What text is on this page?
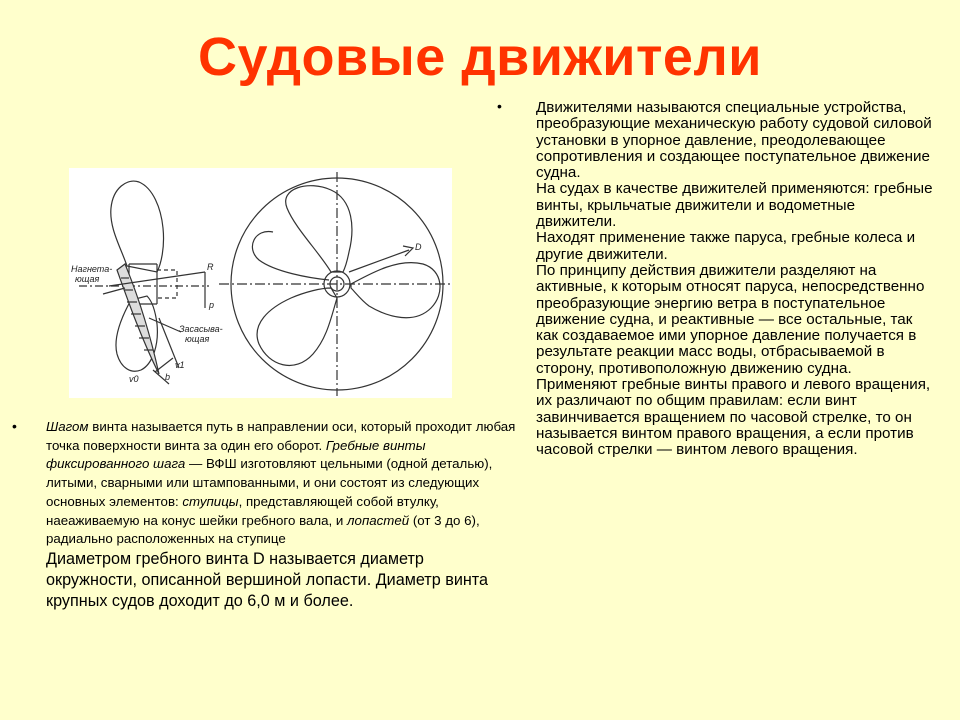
Судовые движители
Нагнета-
ющая
Засасыва-
ющая
R
p
D
v0	b
v1
• Движителями называются специальные устройства, преобразующие механическую работу судовой силовой установки в упорное давление, преодолевающее сопротивления и создающее поступательное движение судна.

На судах в качестве движителей применяются: гребные винты, крыльчатые движители и водометные движители.

Находят применение также паруса, гребные колеса и другие движители.

По принципу действия движители разделяют на активные, к которым относят паруса, непосредственно преобразующие энергию ветра в поступательное движение судна, и реактивные — все остальные, так как создаваемое ими упорное давление получается в результате реакции масс воды, отбрасываемой в сторону, противоположную движению судна.

Применяют гребные винты правого и левого вращения, их различают по общим правилам: если винт завинчивается вращением по часовой стрелке, то он называется винтом правого вращения, а если против часовой стрелки — винтом левого вращения.

• Шагом винта называется путь в направлении оси, который проходит любая точка поверхности винта за один его оборот. Гребные винты фиксированного шага — ВФШ изготовляют цельными (одной деталью), литыми, сварными или штампованными, и они состоят из следующих основных элементов: ступицы, представляющей собой втулку, наеаживаемую на конус шейки гребного вала, и лопастей (от 3 до 6), радиально расположенных на ступице
Диаметром гребного винта D называется диаметр окружности, описанной вершиной лопасти. Диаметр винта крупных судов доходит до 6,0 м и более.
